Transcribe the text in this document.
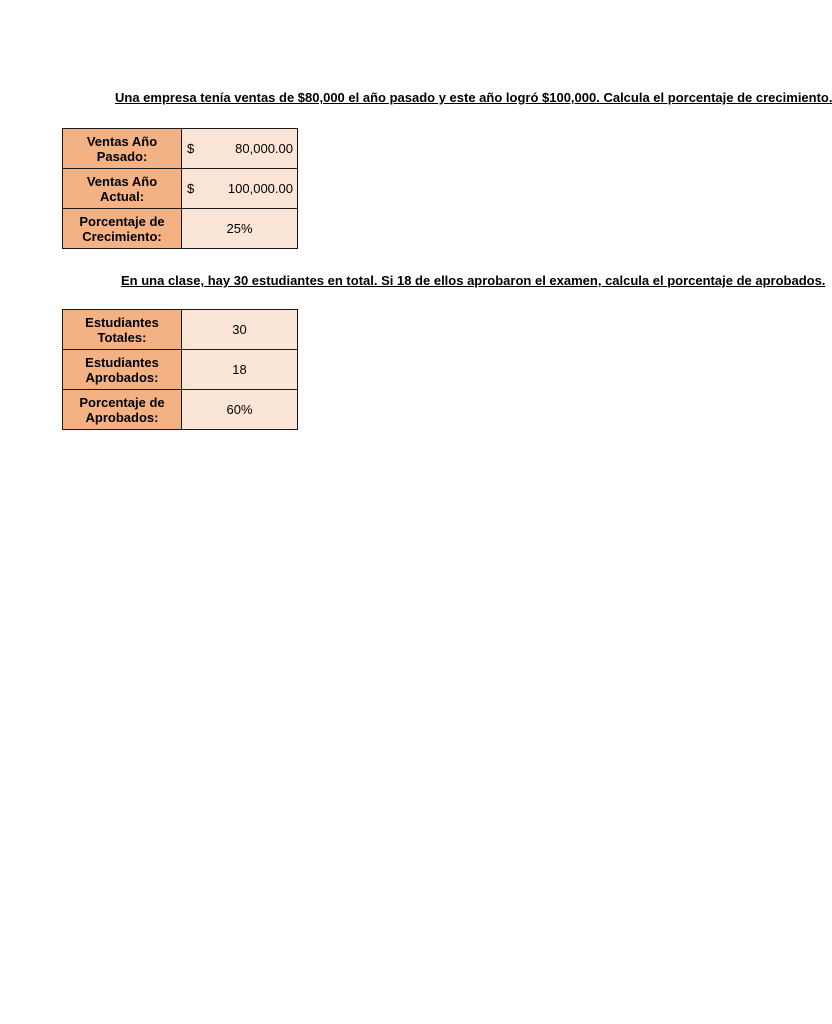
Una empresa tenía ventas de $80,000 el año pasado y este año logró $100,000. Calcula el porcentaje de crecimiento.
Ventas Año
Pasado:	$ 80,000.00

Ventas Año
Actual:	$ 100,000.00

Porcentaje de
Crecimiento:	25%
En una clase, hay 30 estudiantes en total. Si 18 de ellos aprobaron el examen, calcula el porcentaje de aprobados.
Estudiantes
Totales:	30
Estudiantes
Aprobados:	18
Porcentaje de
Aprobados:	60%
